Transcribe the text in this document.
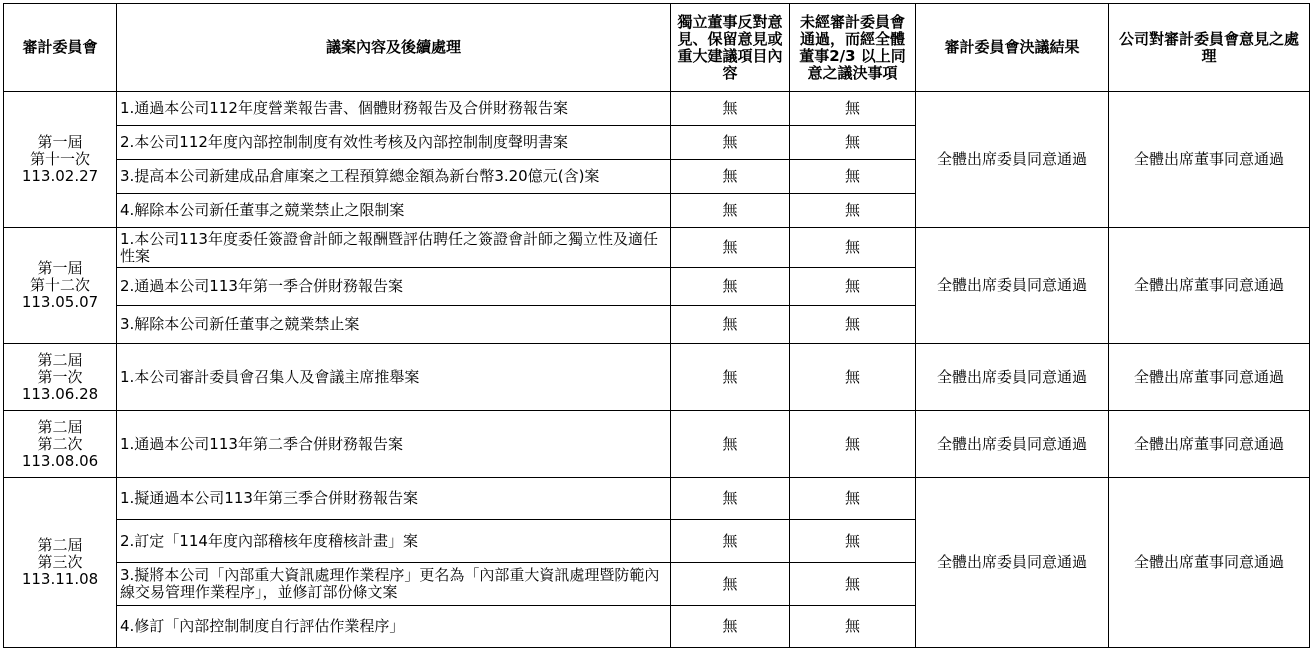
審計委員會	議案內容及後續處理	獨立董事反對意見、保留意見或重大建議項目內容	未經審計委員會通過，而經全體董事2/3 以上同意之議決事項	審計委員會決議結果	公司對審計委員會意見之處理
第一屆
第十一次
113.02.27	1.通過本公司112年度營業報告書、個體財務報告及合併財務報告案	無	無	全體出席委員同意通過	全體出席董事同意通過
	2.本公司112年度內部控制制度有效性考核及內部控制制度聲明書案	無	無		
	3.提高本公司新建成品倉庫案之工程預算總金額為新台幣3.20億元(含)案	無	無		
	4.解除本公司新任董事之競業禁止之限制案	無	無		
第一屆
第十二次
113.05.07	1.本公司113年度委任簽證會計師之報酬暨評估聘任之簽證會計師之獨立性及適任性案	無	無	全體出席委員同意通過	全體出席董事同意通過
	2.通過本公司113年第一季合併財務報告案	無	無		
	3.解除本公司新任董事之競業禁止案	無	無		
第二屆
第一次
113.06.28	1.本公司審計委員會召集人及會議主席推舉案	無	無	全體出席委員同意通過	全體出席董事同意通過
第二屆
第二次
113.08.06	1.通過本公司113年第二季合併財務報告案	無	無	全體出席委員同意通過	全體出席董事同意通過
第二屆
第三次
113.11.08	1.擬通過本公司113年第三季合併財務報告案	無	無	全體出席委員同意通過	全體出席董事同意通過
	2.訂定「114年度內部稽核年度稽核計畫」案	無	無		
	3.擬將本公司「內部重大資訊處理作業程序」更名為「內部重大資訊處理暨防範內線交易管理作業程序」，並修訂部份條文案	無	無		
	4.修訂「內部控制制度自行評估作業程序」	無	無		
